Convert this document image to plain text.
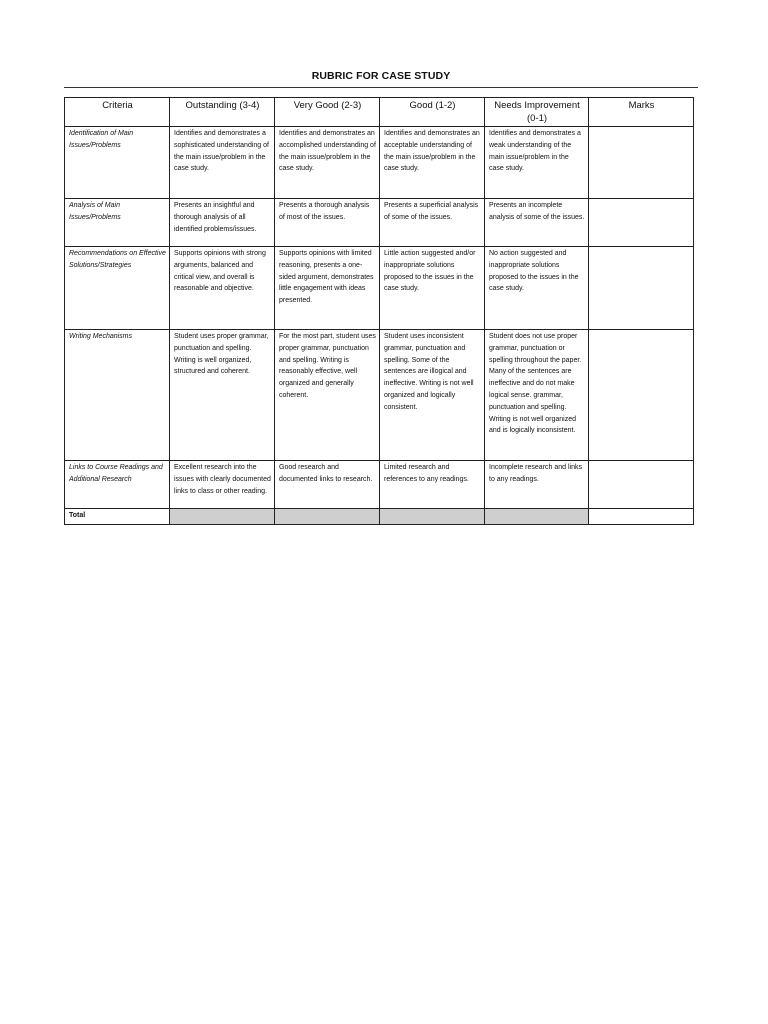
RUBRIC FOR CASE STUDY
Criteria	Outstanding (3-4)	Very Good (2-3)	Good (1-2)	Needs Improvement (0-1)	Marks
Identification of Main Issues/Problems	Identifies and demonstrates a sophisticated understanding of the main issue/problem in the case study.	Identifies and demonstrates an accomplished understanding of the main issue/problem in the case study.	Identifies and demonstrates an acceptable understanding of the main issue/problem in the case study.	Identifies and demonstrates a weak understanding of the main issue/problem in the case study.	
Analysis of Main Issues/Problems	Presents an insightful and thorough analysis of all identified problems/issues.	Presents a thorough analysis of most of the issues.	Presents a superficial analysis of some of the issues.	Presents an incomplete analysis of some of the issues.	
Recommendations on Effective Solutions/Strategies	Supports opinions with strong arguments, balanced and critical view, and overall is reasonable and objective.	Supports opinions with limited reasoning, presents a one-sided argument, demonstrates little engagement with ideas presented.	Little action suggested and/or inappropriate solutions proposed to the issues in the case study.	No action suggested and inappropriate solutions proposed to the issues in the case study.	
Writing Mechanisms	Student uses proper grammar, punctuation and spelling. Writing is well organized, structured and coherent.	For the most part, student uses proper grammar, punctuation and spelling. Writing is reasonably effective, well organized and generally coherent.	Student uses inconsistent grammar, punctuation and spelling. Some of the sentences are illogical and ineffective. Writing is not well organized and logically consistent.	Student does not use proper grammar, punctuation or spelling throughout the paper. Many of the sentences are ineffective and do not make logical sense. grammar, punctuation and spelling. Writing is not well organized and is logically inconsistent.	
Links to Course Readings and Additional Research	Excellent research into the issues with clearly documented links to class or other reading.	Good research and documented links to research.	Limited research and references to any readings.	Incomplete research and links to any readings.	
Total					
